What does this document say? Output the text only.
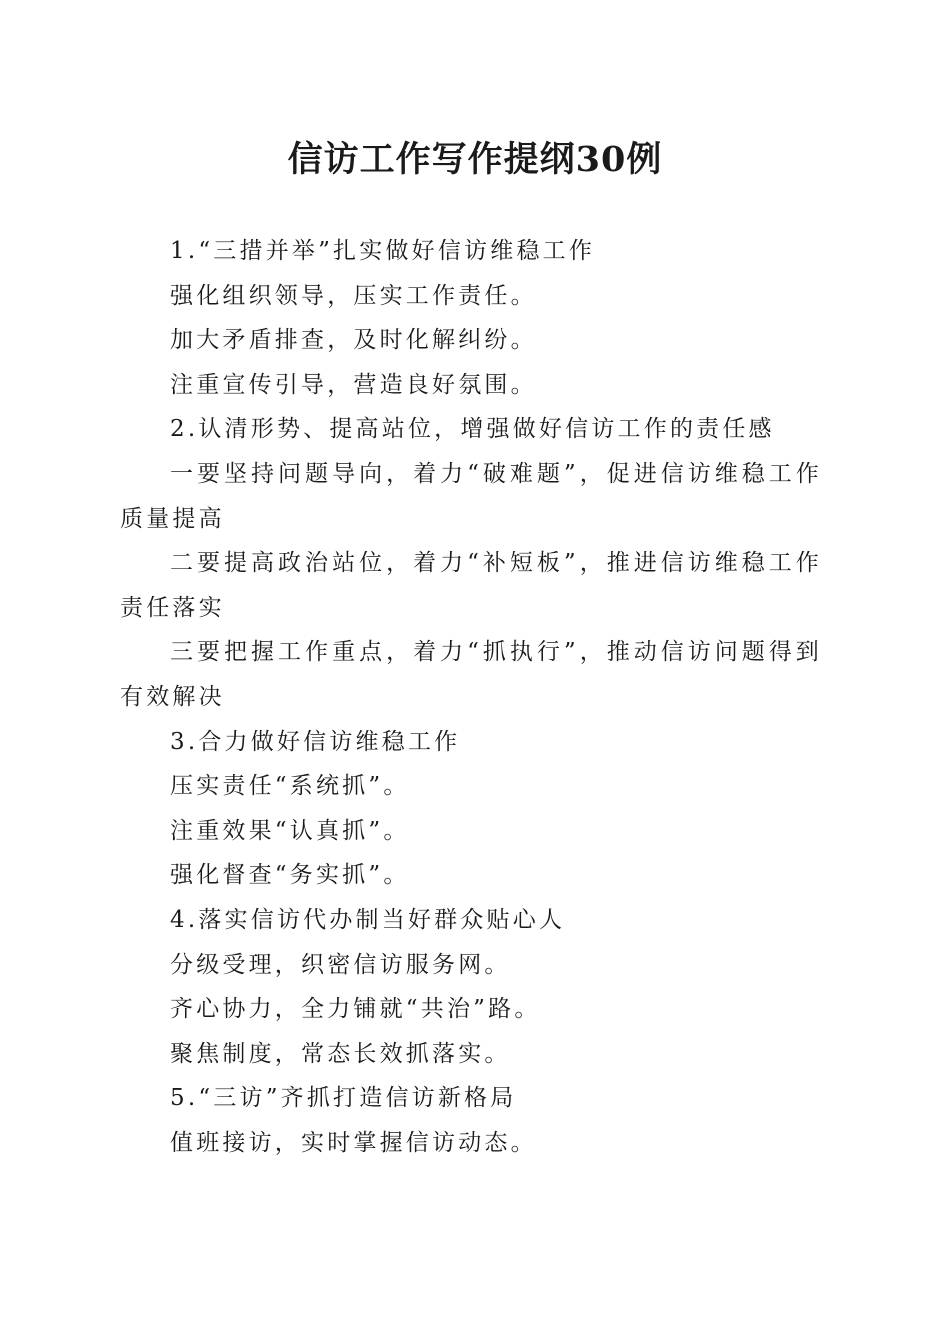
信访工作写作提纲30例

1.“三措并举”扎实做好信访维稳工作

强化组织领导，压实工作责任。

加大矛盾排查，及时化解纠纷。

注重宣传引导，营造良好氛围。

2.认清形势、提高站位，增强做好信访工作的责任感

一要坚持问题导向，着力“破难题”，促进信访维稳工作质量提高

二要提高政治站位，着力“补短板”，推进信访维稳工作责任落实

三要把握工作重点，着力“抓执行”，推动信访问题得到有效解决

3.合力做好信访维稳工作

压实责任“系统抓”。

注重效果“认真抓”。

强化督查“务实抓”。

4.落实信访代办制当好群众贴心人

分级受理，织密信访服务网。

齐心协力，全力铺就“共治”路。

聚焦制度，常态长效抓落实。

5.“三访”齐抓打造信访新格局

值班接访，实时掌握信访动态。
